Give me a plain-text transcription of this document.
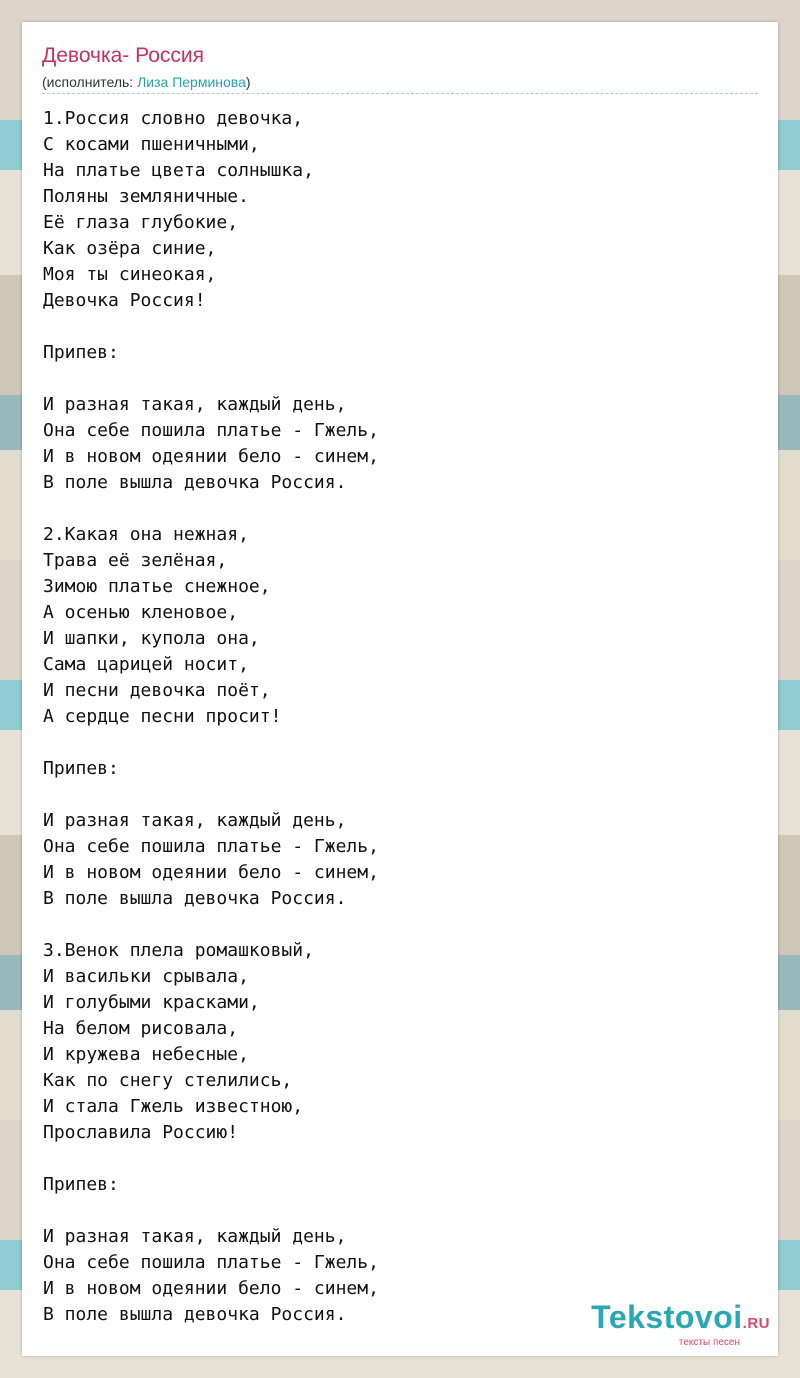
Девочка- Россия
(исполнитель: Лиза Перминова)
1.Россия словно девочка,
С косами пшеничными,
На платье цвета солнышка,
Поляны земляничные.
Её глаза глубокие,
Как озёра синие,
Моя ты синеокая,
Девочка Россия!

Припев:

И разная такая, каждый день,
Она себе пошила платье - Гжель,
И в новом одеянии бело - синем,
В поле вышла девочка Россия.

2.Какая она нежная,
Трава её зелёная,
Зимою платье снежное,
А осенью кленовое,
И шапки, купола она,
Сама царицей носит,
И песни девочка поёт,
А сердце песни просит!

Припев:

И разная такая, каждый день,
Она себе пошила платье - Гжель,
И в новом одеянии бело - синем,
В поле вышла девочка Россия.

3.Венок плела ромашковый,
И васильки срывала,
И голубыми красками,
На белом рисовала,
И кружева небесные,
Как по снегу стелились,
И стала Гжель известною,
Прославила Россию!

Припев:

И разная такая, каждый день,
Она себе пошила платье - Гжель,
И в новом одеянии бело - синем,
В поле вышла девочка Россия.	Tekstovoi.RU
тексты песен
